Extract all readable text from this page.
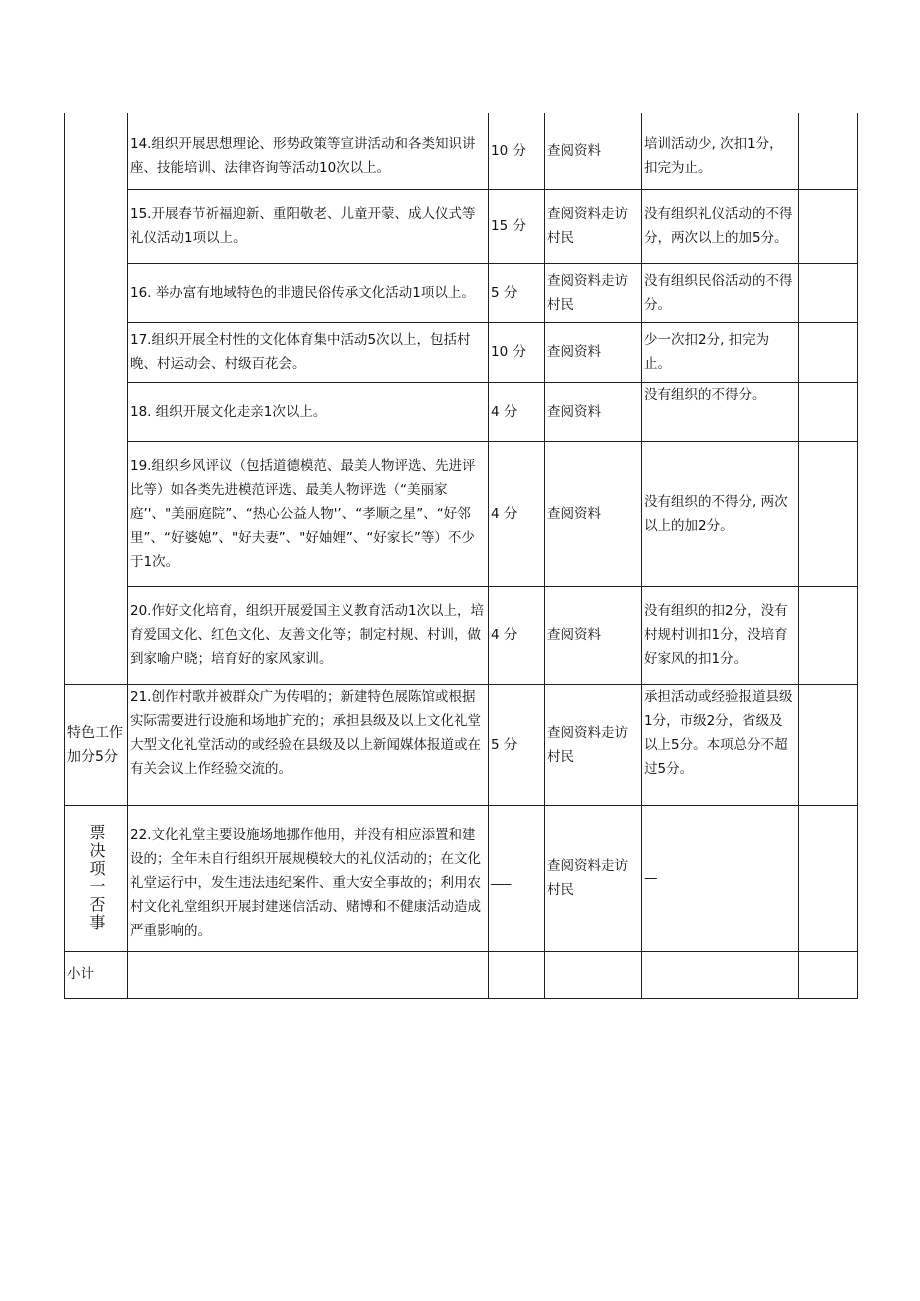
	14.组织开展思想理论、形势政策等宣讲活动和各类知识讲座、技能培训、法律咨询等活动10次以上。	10 分	查阅资料	培训活动少, 次扣1分，扣完为止。	
	15.开展春节祈福迎新、重阳敬老、儿童开蒙、成人仪式等礼仪活动1项以上。	15 分	查阅资料走访村民	没有组织礼仪活动的不得分，两次以上的加5分。	
	16. 举办富有地域特色的非遗民俗传承文化活动1项以上。	5 分	查阅资料走访村民	没有组织民俗活动的不得分。	
	17.组织开展全村性的文化体育集中活动5次以上，包括村晚、村运动会、村级百花会。	10 分	查阅资料	少一次扣2分, 扣完为止。	
	18. 组织开展文化走亲1次以上。	4 分	查阅资料	没有组织的不得分。	
	19.组织乡风评议（包括道德模范、最美人物评选、先进评比等）如各类先进模范评选、最美人物评选（“美丽家庭’'、"美丽庭院”、“热心公益人物'’、“孝顺之星”、“好邻里”、“好婆媳”、"好夫妻”、"好妯娌”、“好家长”等）不少于1次。	4 分	查阅资料	没有组织的不得分, 两次以上的加2分。	
	20.作好文化培育，组织开展爱国主义教育活动1次以上，培育爱国文化、红色文化、友善文化等；制定村规、村训，做到家喻户晓；培育好的家风家训。	4 分	查阅资料	没有组织的扣2分，没有村规村训扣1分，没培育好家风的扣1分。	
特色工作加分5分	21.创作村歌并被群众广为传唱的；新建特色展陈馆或根据实际需要进行设施和场地扩充的；承担县级及以上文化礼堂大型文化礼堂活动的或经验在县级及以上新闻媒体报道或在有关会议上作经验交流的。	5 分	查阅资料走访村民	承担活动或经验报道县级1分，市级2分，省级及以上5分。本项总分不超过5分。	

票决项一否事	22.文化礼堂主要设施场地挪作他用，并没有相应添置和建设的；全年未自行组织开展规模较大的礼仪活动的；在文化礼堂运行中，发生违法违纪案件、重大安全事故的；利用农村文化礼堂组织开展封建迷信活动、赌博和不健康活动造成严重影响的。	___	查阅资料走访村民	—	
小计					
